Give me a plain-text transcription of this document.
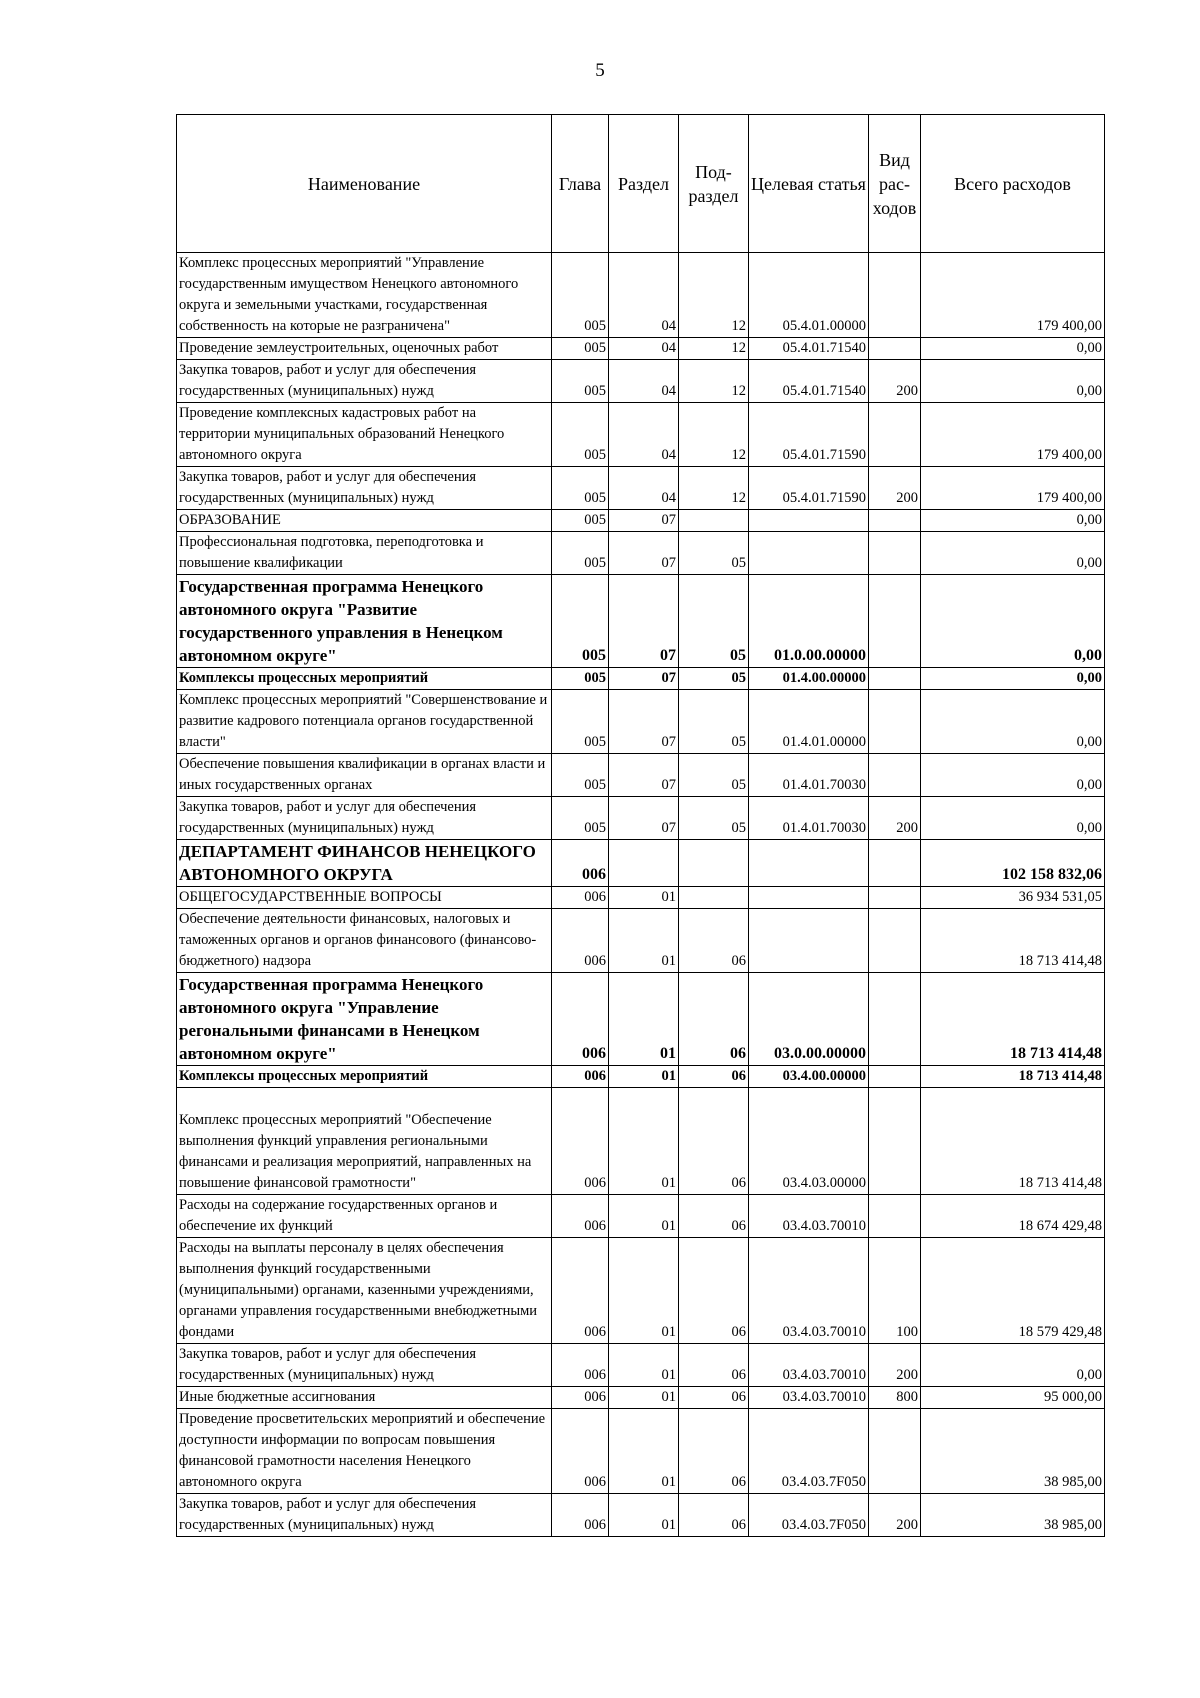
5
Наименование	Глава	Раздел	Под-раздел	Целевая статья	Вид рас-ходов	Всего расходов
Комплекс процессных мероприятий "Управление государственным имуществом Ненецкого автономного округа и земельными участками, государственная собственность на которые не разграничена"	005	04	12	05.4.01.00000		179 400,00
Проведение землеустроительных, оценочных работ	005	04	12	05.4.01.71540		0,00
Закупка товаров, работ и услуг для обеспечения государственных (муниципальных) нужд	005	04	12	05.4.01.71540	200	0,00
Проведение комплексных кадастровых работ на территории муниципальных образований Ненецкого автономного округа	005	04	12	05.4.01.71590		179 400,00
Закупка товаров, работ и услуг для обеспечения государственных (муниципальных) нужд	005	04	12	05.4.01.71590	200	179 400,00
ОБРАЗОВАНИЕ	005	07				0,00
Профессиональная подготовка, переподготовка и повышение квалификации	005	07	05			0,00
Государственная программа Ненецкого автономного округа "Развитие государственного управления в Ненецком автономном округе"	005	07	05	01.0.00.00000		0,00
Комплексы процессных мероприятий	005	07	05	01.4.00.00000		0,00
Комплекс процессных мероприятий "Совершенствование и развитие кадрового потенциала органов государственной власти"	005	07	05	01.4.01.00000		0,00
Обеспечение повышения квалификации в органах власти и иных государственных органах	005	07	05	01.4.01.70030		0,00
Закупка товаров, работ и услуг для обеспечения государственных (муниципальных) нужд	005	07	05	01.4.01.70030	200	0,00
ДЕПАРТАМЕНТ ФИНАНСОВ НЕНЕЦКОГО АВТОНОМНОГО ОКРУГА	006					102 158 832,06
ОБЩЕГОСУДАРСТВЕННЫЕ ВОПРОСЫ	006	01				36 934 531,05
Обеспечение деятельности финансовых, налоговых и таможенных органов и органов финансового (финансово-бюджетного) надзора	006	01	06			18 713 414,48
Государственная программа Ненецкого автономного округа "Управление регональными финансами в Ненецком автономном округе"	006	01	06	03.0.00.00000		18 713 414,48
Комплексы процессных мероприятий	006	01	06	03.4.00.00000		18 713 414,48
Комплекс процессных мероприятий "Обеспечение выполнения функций управления региональными финансами и реализация мероприятий, направленных на повышение финансовой грамотности"	006	01	06	03.4.03.00000		18 713 414,48
Расходы на содержание государственных органов и обеспечение их функций	006	01	06	03.4.03.70010		18 674 429,48
Расходы на выплаты персоналу в целях обеспечения выполнения функций государственными (муниципальными) органами, казенными учреждениями, органами управления государственными внебюджетными фондами	006	01	06	03.4.03.70010	100	18 579 429,48
Закупка товаров, работ и услуг для обеспечения государственных (муниципальных) нужд	006	01	06	03.4.03.70010	200	0,00
Иные бюджетные ассигнования	006	01	06	03.4.03.70010	800	95 000,00
Проведение просветительских мероприятий и обеспечение доступности информации по вопросам повышения финансовой грамотности населения Ненецкого автономного округа	006	01	06	03.4.03.7F050		38 985,00
Закупка товаров, работ и услуг для обеспечения государственных (муниципальных) нужд	006	01	06	03.4.03.7F050	200	38 985,00
